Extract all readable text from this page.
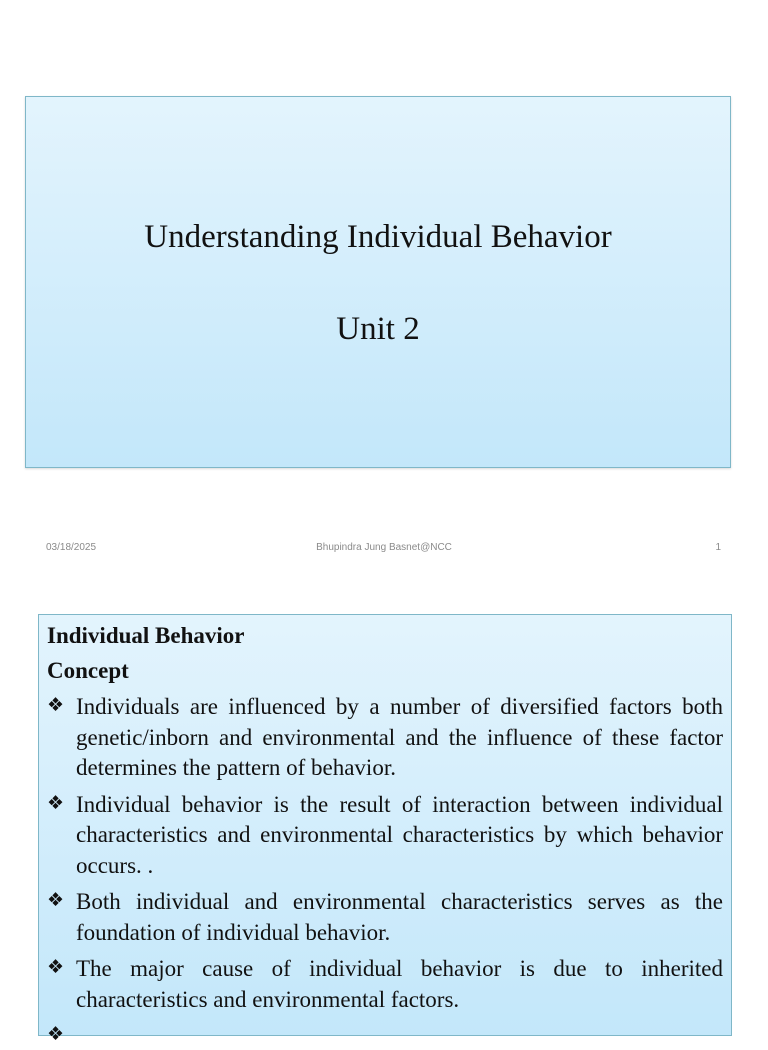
Understanding Individual Behavior
Unit 2
03/18/2025	Bhupindra Jung Basnet@NCC	1
Individual Behavior
Concept
❖ Individuals are influenced by a number of diversified factors both genetic/inborn and environmental and the influence of these factor determines the pattern of behavior.
❖ Individual behavior is the result of interaction between individual characteristics and environmental characteristics by which behavior occurs. .
❖ Both individual and environmental characteristics serves as the foundation of individual behavior.
❖ The major cause of individual behavior is due to inherited characteristics and environmental factors.
❖
